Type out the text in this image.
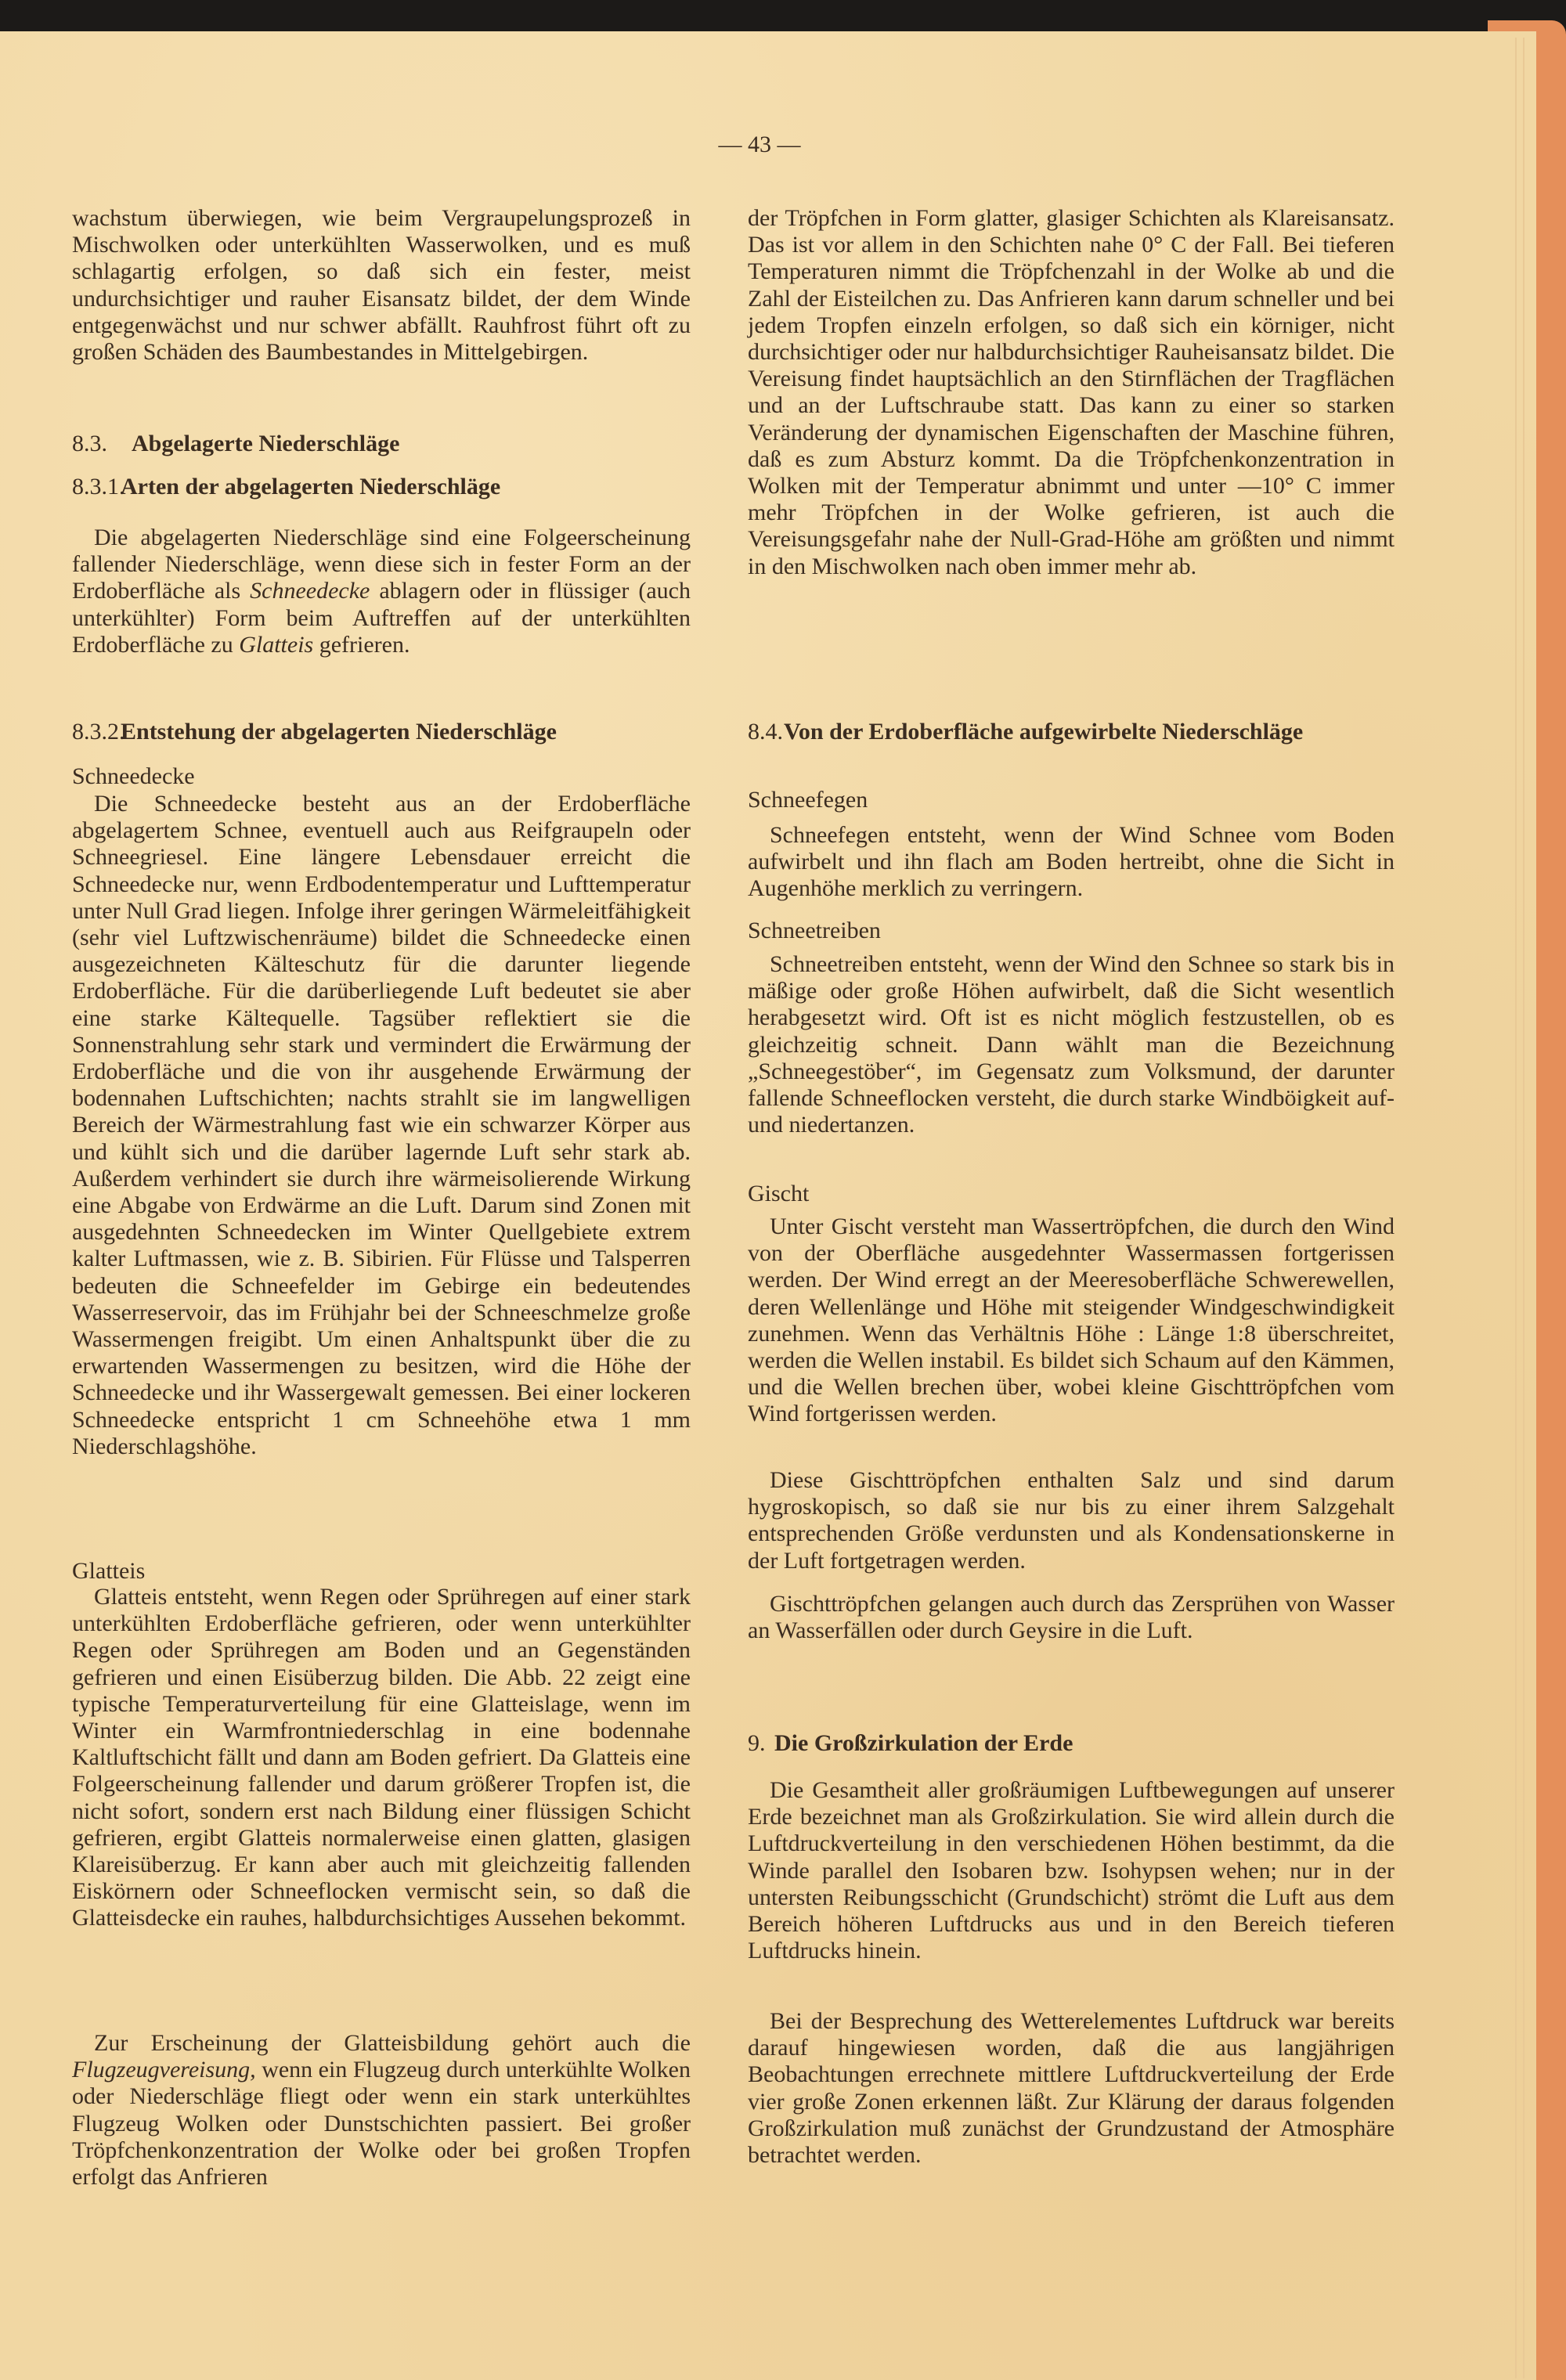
— 43 —

wachstum überwiegen, wie beim Vergraupelungsprozeß in Mischwolken oder unterkühlten Wasserwolken, und es muß schlagartig erfolgen, so daß sich ein fester, meist undurchsichtiger und rauher Eisansatz bildet, der dem Winde entgegenwächst und nur schwer abfällt. Rauhfrost führt oft zu großen Schäden des Baumbestandes in Mittelgebirgen.

8.3. Abgelagerte Niederschläge
8.3.1.Arten der abgelagerten Niederschläge

Die abgelagerten Niederschläge sind eine Folgeerscheinung fallender Niederschläge, wenn diese sich in fester Form an der Erdoberfläche als Schneedecke ablagern oder in flüssiger (auch unterkühlter) Form beim Auftreffen auf der unterkühlten Erdoberfläche zu Glatteis gefrieren.

8.3.2.Entstehung der abgelagerten Niederschläge
Schneedecke

Die Schneedecke besteht aus an der Erdoberfläche abgelagertem Schnee, eventuell auch aus Reifgraupeln oder Schneegriesel. Eine längere Lebensdauer erreicht die Schneedecke nur, wenn Erdbodentemperatur und Lufttemperatur unter Null Grad liegen. Infolge ihrer geringen Wärmeleitfähigkeit (sehr viel Luftzwischenräume) bildet die Schneedecke einen ausgezeichneten Kälteschutz für die darunter liegende Erdoberfläche. Für die darüberliegende Luft bedeutet sie aber eine starke Kältequelle. Tagsüber reflektiert sie die Sonnenstrahlung sehr stark und vermindert die Erwärmung der Erdoberfläche und die von ihr ausgehende Erwärmung der bodennahen Luftschichten; nachts strahlt sie im langwelligen Bereich der Wärmestrahlung fast wie ein schwarzer Körper aus und kühlt sich und die darüber lagernde Luft sehr stark ab. Außerdem verhindert sie durch ihre wärmeisolierende Wirkung eine Abgabe von Erdwärme an die Luft. Darum sind Zonen mit ausgedehnten Schneedecken im Winter Quellgebiete extrem kalter Luftmassen, wie z. B. Sibirien. Für Flüsse und Talsperren bedeuten die Schneefelder im Gebirge ein bedeutendes Wasserreservoir, das im Frühjahr bei der Schneeschmelze große Wassermengen freigibt. Um einen Anhaltspunkt über die zu erwartenden Wassermengen zu besitzen, wird die Höhe der Schneedecke und ihr Wassergewalt gemessen. Bei einer lockeren Schneedecke entspricht 1 cm Schneehöhe etwa 1 mm Niederschlagshöhe.

Glatteis

Glatteis entsteht, wenn Regen oder Sprühregen auf einer stark unterkühlten Erdoberfläche gefrieren, oder wenn unterkühlter Regen oder Sprühregen am Boden und an Gegenständen gefrieren und einen Eisüberzug bilden. Die Abb. 22 zeigt eine typische Temperaturverteilung für eine Glatteislage, wenn im Winter ein Warmfrontniederschlag in eine bodennahe Kaltluftschicht fällt und dann am Boden gefriert. Da Glatteis eine Folgeerscheinung fallender und darum größerer Tropfen ist, die nicht sofort, sondern erst nach Bildung einer flüssigen Schicht gefrieren, ergibt Glatteis normalerweise einen glatten, glasigen Klareisüberzug. Er kann aber auch mit gleichzeitig fallenden Eiskörnern oder Schneeflocken vermischt sein, so daß die Glatteisdecke ein rauhes, halbdurchsichtiges Aussehen bekommt.

Zur Erscheinung der Glatteisbildung gehört auch die Flugzeugvereisung, wenn ein Flugzeug durch unterkühlte Wolken oder Niederschläge fliegt oder wenn ein stark unterkühltes Flugzeug Wolken oder Dunstschichten passiert. Bei großer Tröpfchenkonzentration der Wolke oder bei großen Tropfen erfolgt das Anfrieren

der Tröpfchen in Form glatter, glasiger Schichten als Klareisansatz. Das ist vor allem in den Schichten nahe 0° C der Fall. Bei tieferen Temperaturen nimmt die Tröpfchenzahl in der Wolke ab und die Zahl der Eisteilchen zu. Das Anfrieren kann darum schneller und bei jedem Tropfen einzeln erfolgen, so daß sich ein körniger, nicht durchsichtiger oder nur halbdurchsichtiger Rauheisansatz bildet. Die Vereisung findet hauptsächlich an den Stirnflächen der Tragflächen und an der Luftschraube statt. Das kann zu einer so starken Veränderung der dynamischen Eigenschaften der Maschine führen, daß es zum Absturz kommt. Da die Tröpfchenkonzentration in Wolken mit der Temperatur abnimmt und unter —10° C immer mehr Tröpfchen in der Wolke gefrieren, ist auch die Vereisungsgefahr nahe der Null-Grad-Höhe am größten und nimmt in den Mischwolken nach oben immer mehr ab.

8.4.Von der Erdoberfläche aufgewirbelte Niederschläge
Schneefegen

Schneefegen entsteht, wenn der Wind Schnee vom Boden aufwirbelt und ihn flach am Boden hertreibt, ohne die Sicht in Augenhöhe merklich zu verringern.

Schneetreiben

Schneetreiben entsteht, wenn der Wind den Schnee so stark bis in mäßige oder große Höhen aufwirbelt, daß die Sicht wesentlich herabgesetzt wird. Oft ist es nicht möglich festzustellen, ob es gleichzeitig schneit. Dann wählt man die Bezeichnung „Schneegestöber“, im Gegensatz zum Volksmund, der darunter fallende Schneeflocken versteht, die durch starke Windböigkeit auf- und niedertanzen.

Gischt

Unter Gischt versteht man Wassertröpfchen, die durch den Wind von der Oberfläche ausgedehnter Wassermassen fortgerissen werden. Der Wind erregt an der Meeresoberfläche Schwerewellen, deren Wellenlänge und Höhe mit steigender Windgeschwindigkeit zunehmen. Wenn das Verhältnis Höhe : Länge 1:8 überschreitet, werden die Wellen instabil. Es bildet sich Schaum auf den Kämmen, und die Wellen brechen über, wobei kleine Gischttröpfchen vom Wind fortgerissen werden.

Diese Gischttröpfchen enthalten Salz und sind darum hygroskopisch, so daß sie nur bis zu einer ihrem Salzgehalt entsprechenden Größe verdunsten und als Kondensationskerne in der Luft fortgetragen werden.

Gischttröpfchen gelangen auch durch das Zersprühen von Wasser an Wasserfällen oder durch Geysire in die Luft.

9. Die Großzirkulation der Erde

Die Gesamtheit aller großräumigen Luftbewegungen auf unserer Erde bezeichnet man als Großzirkulation. Sie wird allein durch die Luftdruckverteilung in den verschiedenen Höhen bestimmt, da die Winde parallel den Isobaren bzw. Isohypsen wehen; nur in der untersten Reibungsschicht (Grundschicht) strömt die Luft aus dem Bereich höheren Luftdrucks aus und in den Bereich tieferen Luftdrucks hinein.

Bei der Besprechung des Wetterelementes Luftdruck war bereits darauf hingewiesen worden, daß die aus langjährigen Beobachtungen errechnete mittlere Luftdruckverteilung der Erde vier große Zonen erkennen läßt. Zur Klärung der daraus folgenden Großzirkulation muß zunächst der Grundzustand der Atmosphäre betrachtet werden.
